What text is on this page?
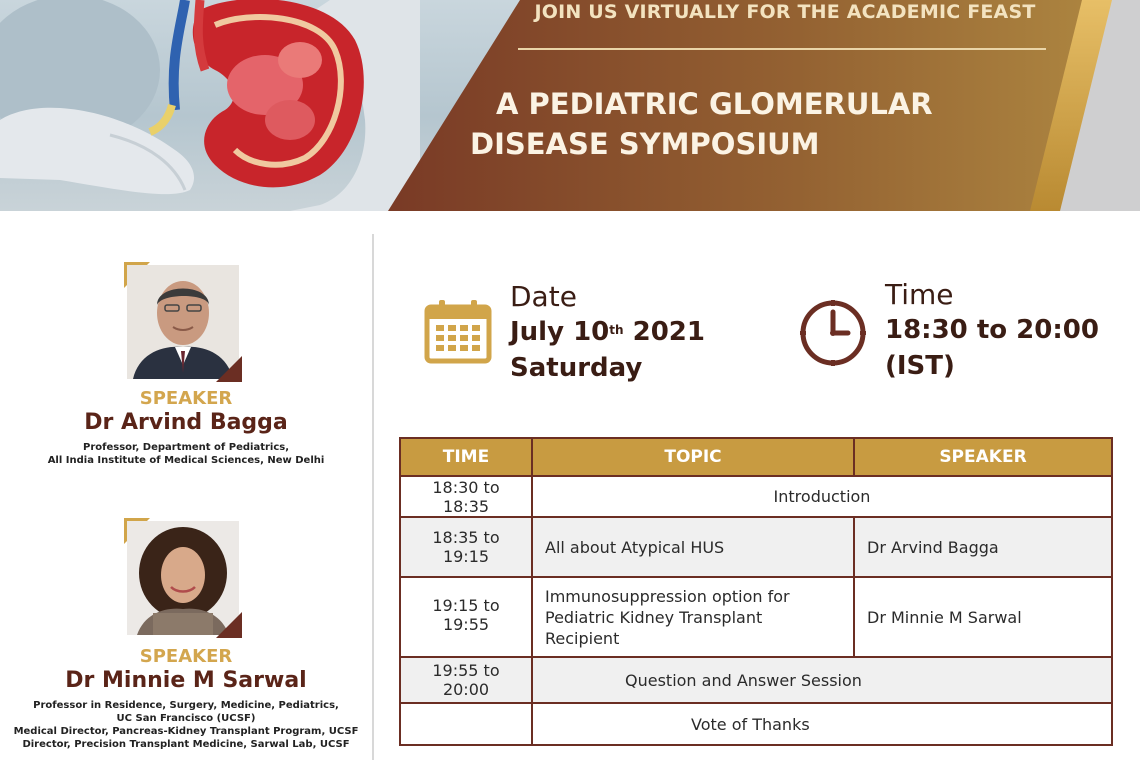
JOIN US VIRTUALLY FOR THE ACADEMIC FEAST
A PEDIATRIC GLOMERULAR
DISEASE SYMPOSIUM
SPEAKER
Dr Arvind Bagga
Professor, Department of Pediatrics,
All India Institute of Medical Sciences, New Delhi
SPEAKER
Dr Minnie M Sarwal
Professor in Residence, Surgery, Medicine, Pediatrics,
UC San Francisco (UCSF)
Medical Director, Pancreas-Kidney Transplant Program, UCSF
Director, Precision Transplant Medicine, Sarwal Lab, UCSF
Date
July 10th 2021
Saturday
Time
18:30 to 20:00
(IST)
TIME	TOPIC	SPEAKER
18:30 to 18:35	Introduction	
18:35 to 19:15	All about Atypical HUS	Dr Arvind Bagga
19:15 to 19:55	Immunosuppression option for Pediatric Kidney Transplant Recipient	Dr Minnie M Sarwal
19:55 to 20:00	Question and Answer Session	
	Vote of Thanks	
